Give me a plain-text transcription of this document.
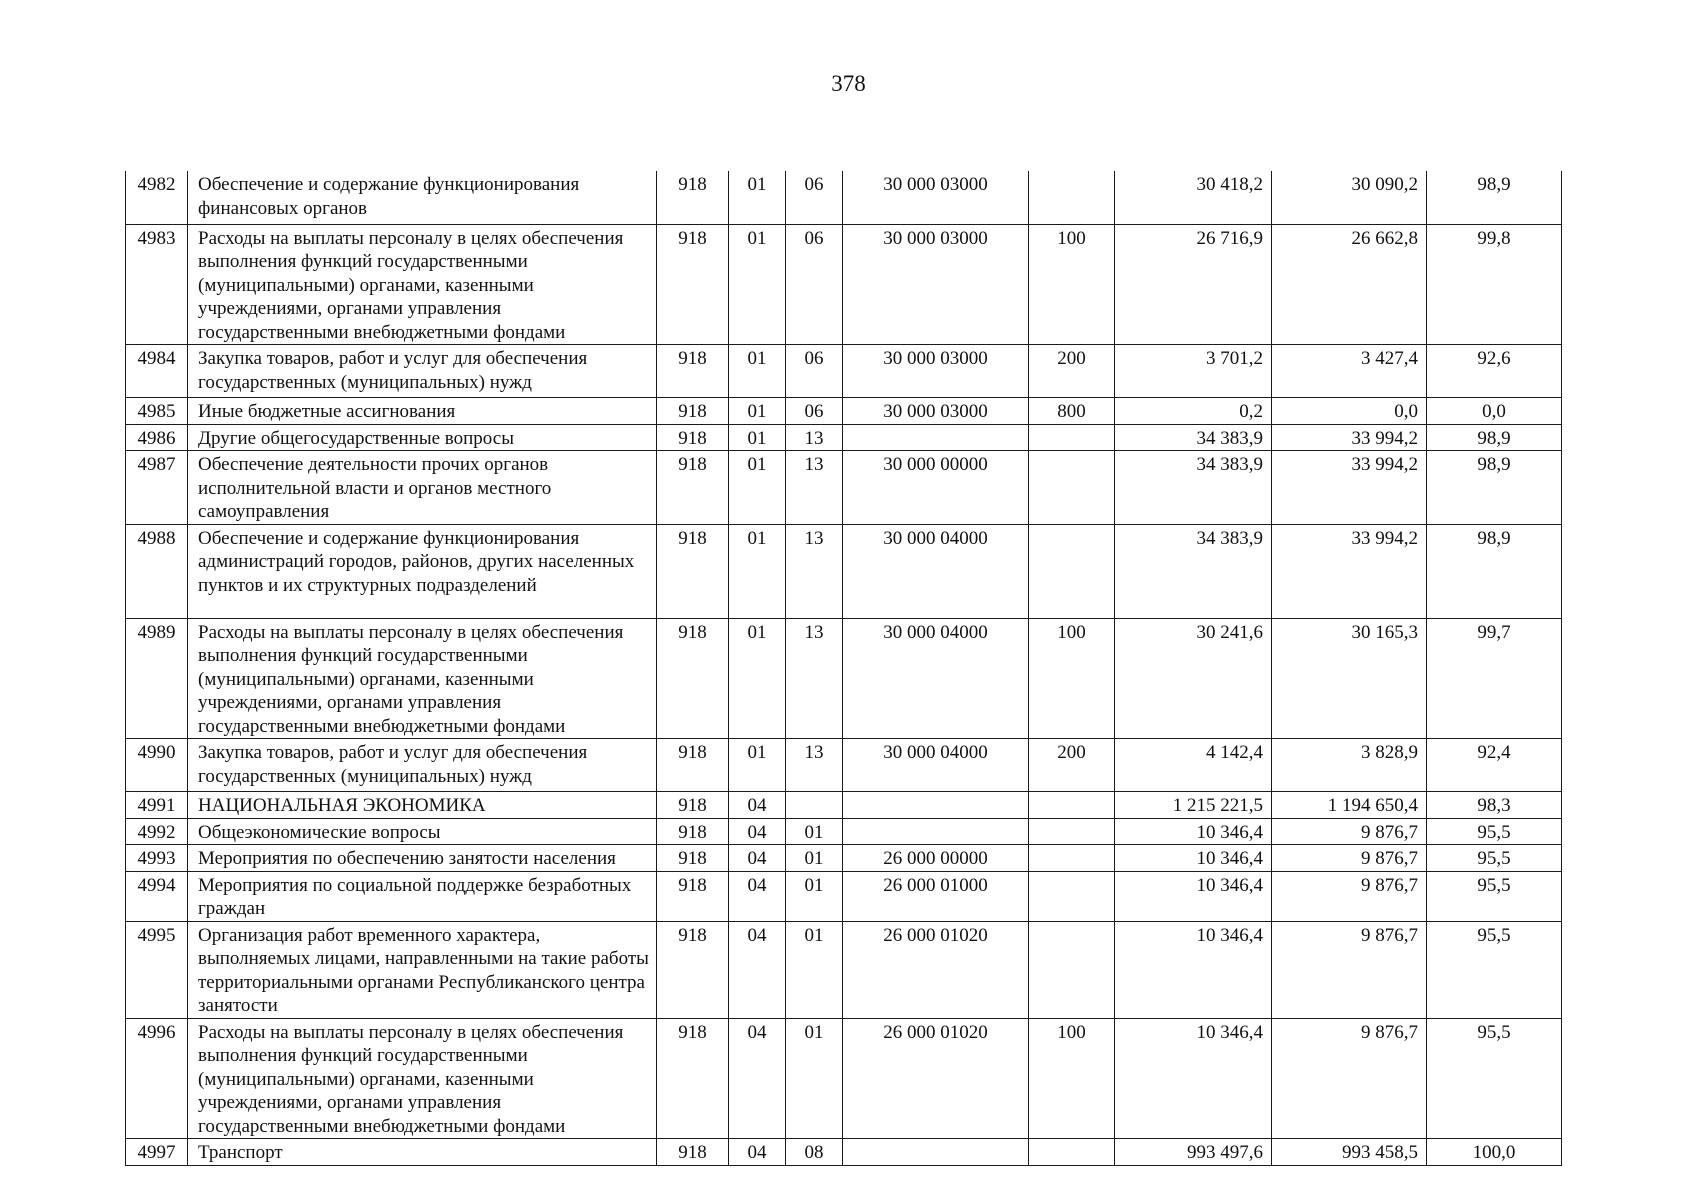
378
4982	Обеспечение и содержание функционирования финансовых органов	918	01	06	30 000 03000		30 418,2	30 090,2	98,9
4983	Расходы на выплаты персоналу в целях обеспечения выполнения функций государственными (муниципальными) органами, казенными учреждениями, органами управления государственными внебюджетными фондами	918	01	06	30 000 03000	100	26 716,9	26 662,8	99,8
4984	Закупка товаров, работ и услуг для обеспечения государственных (муниципальных) нужд	918	01	06	30 000 03000	200	3 701,2	3 427,4	92,6
4985	Иные бюджетные ассигнования	918	01	06	30 000 03000	800	0,2	0,0	0,0
4986	Другие общегосударственные вопросы	918	01	13			34 383,9	33 994,2	98,9
4987	Обеспечение деятельности прочих органов исполнительной власти и органов местного самоуправления	918	01	13	30 000 00000		34 383,9	33 994,2	98,9
4988	Обеспечение и содержание функционирования администраций городов, районов, других населенных пунктов и их структурных подразделений	918	01	13	30 000 04000		34 383,9	33 994,2	98,9
4989	Расходы на выплаты персоналу в целях обеспечения выполнения функций государственными (муниципальными) органами, казенными учреждениями, органами управления государственными внебюджетными фондами	918	01	13	30 000 04000	100	30 241,6	30 165,3	99,7
4990	Закупка товаров, работ и услуг для обеспечения государственных (муниципальных) нужд	918	01	13	30 000 04000	200	4 142,4	3 828,9	92,4
4991	НАЦИОНАЛЬНАЯ ЭКОНОМИКА	918	04				1 215 221,5	1 194 650,4	98,3
4992	Общеэкономические вопросы	918	04	01			10 346,4	9 876,7	95,5
4993	Мероприятия по обеспечению занятости населения	918	04	01	26 000 00000		10 346,4	9 876,7	95,5
4994	Мероприятия по социальной поддержке безработных граждан	918	04	01	26 000 01000		10 346,4	9 876,7	95,5
4995	Организация работ временного характера, выполняемых лицами, направленными на такие работы территориальными органами Республиканского центра занятости	918	04	01	26 000 01020		10 346,4	9 876,7	95,5
4996	Расходы на выплаты персоналу в целях обеспечения выполнения функций государственными (муниципальными) органами, казенными учреждениями, органами управления государственными внебюджетными фондами	918	04	01	26 000 01020	100	10 346,4	9 876,7	95,5
4997	Транспорт	918	04	08			993 497,6	993 458,5	100,0
